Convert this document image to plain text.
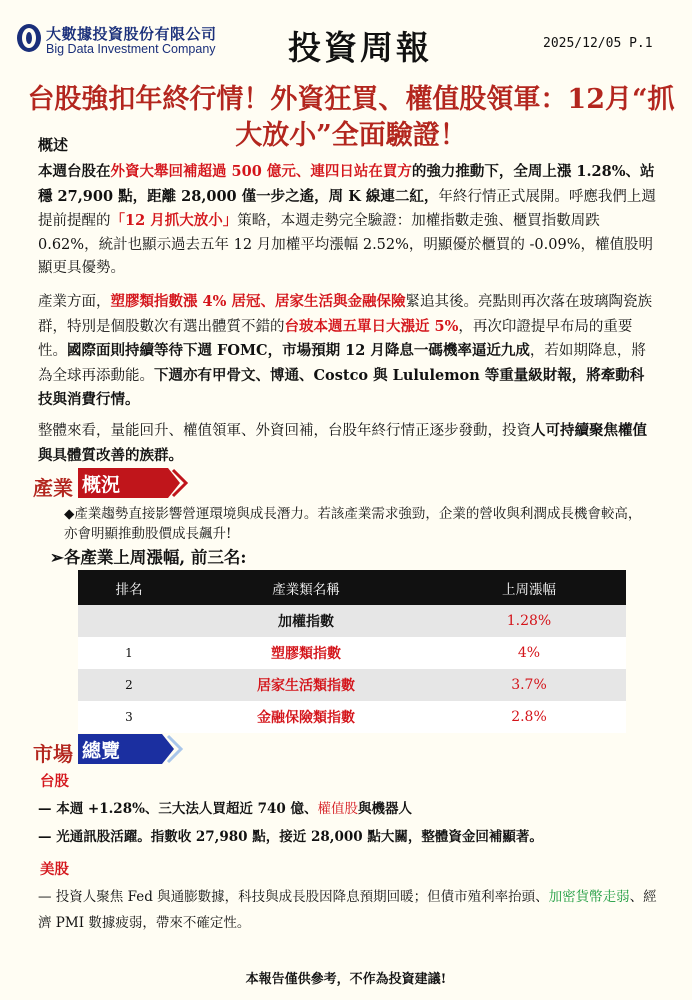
大數據投資股份有限公司
Big Data Investment Company 投資周報	2025/12/05 P.1
台股強扣年終行情！外資狂買、權值股領軍：12月“抓大放小”全面驗證！
概述
本週台股在外資大舉回補超過 500 億元、連四日站在買方的強力推動下，全周上漲 1.28%、站穩 27,900 點，距離 28,000 僅一步之遙，周 K 線連二紅，年終行情正式展開。呼應我們上週提前提醒的「12 月抓大放小」策略，本週走勢完全驗證：加權指數走強、櫃買指數周跌 0.62%，統計也顯示過去五年 12 月加權平均漲幅 2.52%，明顯優於櫃買的 -0.09%，權值股明顯更具優勢。
產業方面，塑膠類指數漲 4% 居冠、居家生活與金融保險緊追其後。亮點則再次落在玻璃陶瓷族群，特別是個股數次有選出體質不錯的台玻本週五單日大漲近 5%，再次印證提早布局的重要性。國際面則持續等待下週 FOMC，市場預期 12 月降息一碼機率逼近九成，若如期降息，將為全球再添動能。下週亦有甲骨文、博通、Costco 與 Lululemon 等重量級財報，將牽動科技與消費行情。
整體來看，量能回升、權值領軍、外資回補，台股年終行情正逐步發動，投資人可持續聚焦權值與具體質改善的族群。
產業 概況
◆產業趨勢直接影響營運環境與成長潛力。若該產業需求強勁，企業的營收與利潤成長機會較高，亦會明顯推動股價成長飆升!
➢各產業上周漲幅, 前三名:
排名	產業類名稱	上周漲幅
	加權指數	1.28%
1	塑膠類指數	4%
2	居家生活類指數	3.7%
3	金融保險類指數	2.8%
市場 總覽
台股
— 本週 +1.28%、三大法人買超近 740 億、權值股與機器人
— 光通訊股活躍。指數收 27,980 點，接近 28,000 點大關，整體資金回補顯著。
美股
— 投資人聚焦 Fed 與通膨數據，科技與成長股因降息預期回暖；但債市殖利率抬頭、加密貨幣走弱、經濟 PMI 數據疲弱，帶來不確定性。
本報告僅供參考，不作為投資建議!
